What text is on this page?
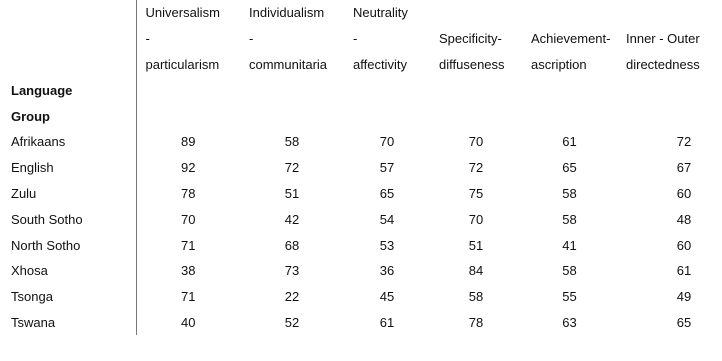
	Universalism	Individualism	Neutrality			
	-	-	-	Specificity-	Achievement-	Inner - Outer
	particularism	communitaria	affectivity	diffuseness	ascription	directedness
Language						
Group						
Afrikaans	89	58	70	70	61	72
English	92	72	57	72	65	67
Zulu	78	51	65	75	58	60
South Sotho	70	42	54	70	58	48
North Sotho	71	68	53	51	41	60
Xhosa	38	73	36	84	58	61
Tsonga	71	22	45	58	55	49
Tswana	40	52	61	78	63	65
